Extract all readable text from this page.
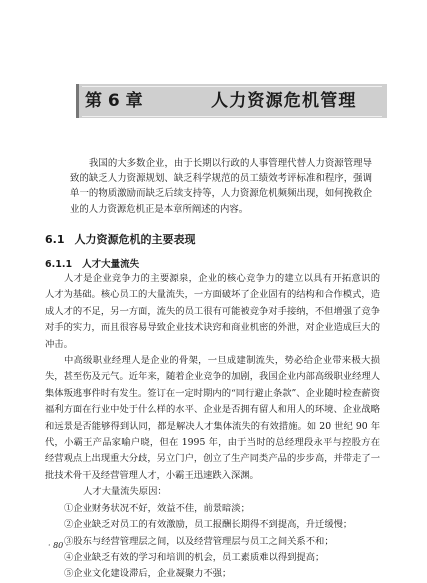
第 6 章	人力资源危机管理

我国的大多数企业，由于长期以行政的人事管理代替人力资源管理导致的缺乏人力资源规划、缺乏科学规范的员工绩效考评标准和程序，强调单一的物质激励而缺乏后续支持等，人力资源危机频频出现，如何挽救企业的人力资源危机正是本章所阐述的内容。

6.1 人力资源危机的主要表现
6.1.1 人才大量流失

人才是企业竞争力的主要源泉，企业的核心竞争力的建立以具有开拓意识的人才为基础。核心员工的大量流失，一方面破坏了企业固有的结构和合作模式，造成人才的不足，另一方面，流失的员工很有可能被竞争对手接纳，不但增强了竞争对手的实力，而且很容易导致企业技术诀窍和商业机密的外泄，对企业造成巨大的冲击。

中高级职业经理人是企业的骨架，一旦成建制流失，势必给企业带来极大损失，甚至伤及元气。近年来，随着企业竞争的加剧，我国企业内部高级职业经理人集体叛逃事件时有发生。签订在一定时期内的“同行避止条款”、企业随时检查薪资福利方面在行业中处于什么样的水平、企业是否拥有留人和用人的环境、企业战略和远景是否能够得到认同，都是解决人才集体流失的有效措施。如 20 世纪 90 年代，小霸王产品家喻户晓，但在 1995 年，由于当时的总经理段永平与控股方在经营观点上出现重大分歧，另立门户，创立了生产同类产品的步步高，并带走了一批技术骨干及经营管理人才，小霸王迅速跌入深渊。

人才大量流失原因：

①企业财务状况不好，效益不佳，前景暗淡；
②企业缺乏对员工的有效激励，员工报酬长期得不到提高，升迁缓慢；
③股东与经营管理层之间，以及经营管理层与员工之间关系不和；
④企业缺乏有效的学习和培训的机会，员工素质难以得到提高；
⑤企业文化建设滞后，企业凝聚力不强；
· 80 ·
